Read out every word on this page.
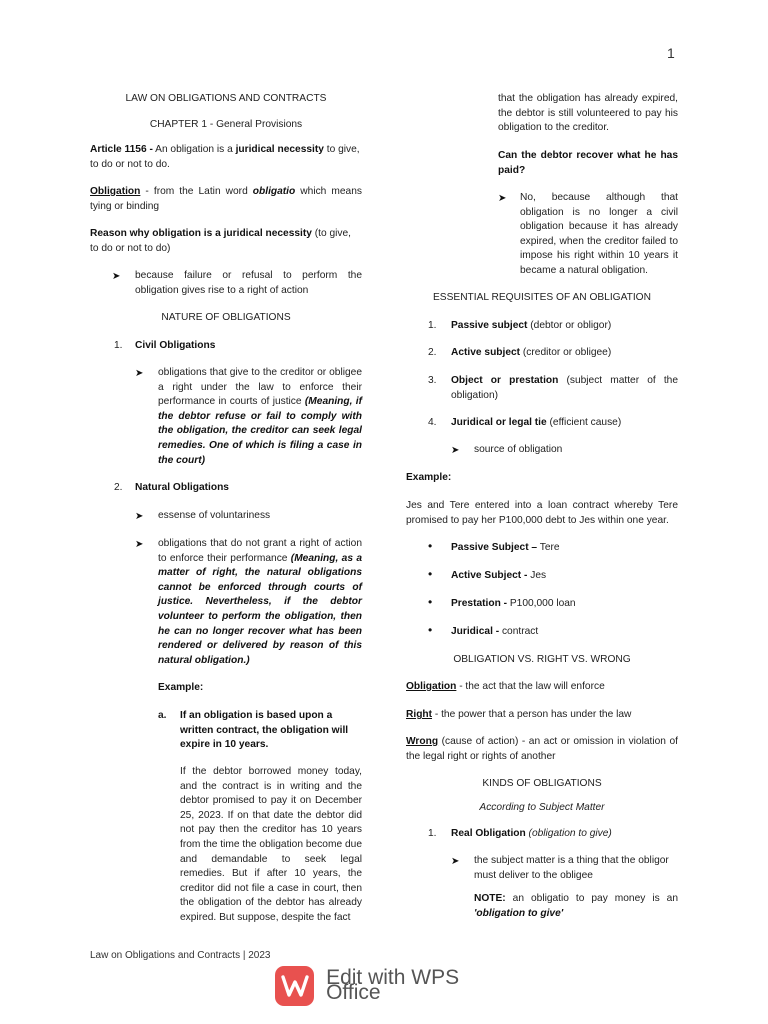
1

LAW ON OBLIGATIONS AND CONTRACTS

CHAPTER 1 - General Provisions

Article 1156 - An obligation is a juridical necessity to give, to do or not to do.

Obligation - from the Latin word obligatio which means tying or binding

Reason why obligation is a juridical necessity (to give, to do or not to do)

➤ because failure or refusal to perform the obligation gives rise to a right of action

NATURE OF OBLIGATIONS

1. Civil Obligations

➤ obligations that give to the creditor or obligee a right under the law to enforce their performance in courts of justice (Meaning, if the debtor refuse or fail to comply with the obligation, the creditor can seek legal remedies. One of which is filing a case in the court)

2. Natural Obligations

➤ essense of voluntariness

➤ obligations that do not grant a right of action to enforce their performance (Meaning, as a matter of right, the natural obligations cannot be enforced through courts of justice. Nevertheless, if the debtor volunteer to perform the obligation, then he can no longer recover what has been rendered or delivered by reason of this natural obligation.)

Example:

a. If an obligation is based upon a written contract, the obligation will expire in 10 years.

If the debtor borrowed money today, and the contract is in writing and the debtor promised to pay it on December 25, 2023. If on that date the debtor did not pay then the creditor has 10 years from the time the obligation become due and demandable to seek legal remedies. But if after 10 years, the creditor did not file a case in court, then the obligation of the debtor has already expired. But suppose, despite the fact

that the obligation has already expired, the debtor is still volunteered to pay his obligation to the creditor.

Can the debtor recover what he has paid?

➤ No, because although that obligation is no longer a civil obligation because it has already expired, when the creditor failed to impose his right within 10 years it became a natural obligation.

ESSENTIAL REQUISITES OF AN OBLIGATION

1. Passive subject (debtor or obligor)

2. Active subject (creditor or obligee)

3. Object or prestation (subject matter of the obligation)

4. Juridical or legal tie (efficient cause)

➤ source of obligation

Example:

Jes and Tere entered into a loan contract whereby Tere promised to pay her P100,000 debt to Jes within one year.

• Passive Subject – Tere

• Active Subject - Jes

• Prestation - P100,000 loan

• Juridical - contract

OBLIGATION VS. RIGHT VS. WRONG

Obligation - the act that the law will enforce

Right - the power that a person has under the law

Wrong (cause of action) - an act or omission in violation of the legal right or rights of another

KINDS OF OBLIGATIONS

According to Subject Matter

1. Real Obligation (obligation to give)

➤ the subject matter is a thing that the obligor must deliver to the obligee

NOTE: an obligatio to pay money is an 'obligation to give'

Law on Obligations and Contracts | 2023
Edit with WPS Office
